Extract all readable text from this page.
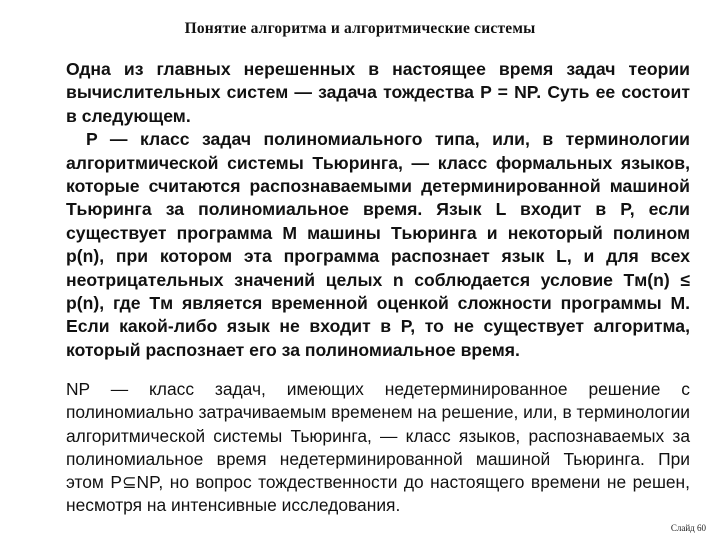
Понятие алгоритма и алгоритмические системы

Одна из главных нерешенных в настоящее время задач теории вычислительных систем — задача тождества P = NP. Суть ее состоит в следующем.

P — класс задач полиномиального типа, или, в терминологии алгоритмической системы Тьюринга, — класс формальных языков, которые считаются распознаваемыми детерминированной машиной Тьюринга за полиномиальное время. Язык L входит в P, если существует программа M машины Тьюринга и некоторый полином p(n), при котором эта программа распознает язык L, и для всех неотрицательных значений целых n соблюдается условие Tм(n) ≤ p(n), где Tм является временной оценкой сложности программы M. Если какой-либо язык не входит в P, то не существует алгоритма, который распознает его за полиномиальное время.

NP — класс задач, имеющих недетерминированное решение с полиномиально затрачиваемым временем на решение, или, в терминологии алгоритмической системы Тьюринга, — класс языков, распознаваемых за полиномиальное время недетерминированной машиной Тьюринга. При этом P⊆NP, но вопрос тождественности до настоящего времени не решен, несмотря на интенсивные исследования.

Слайд 60
